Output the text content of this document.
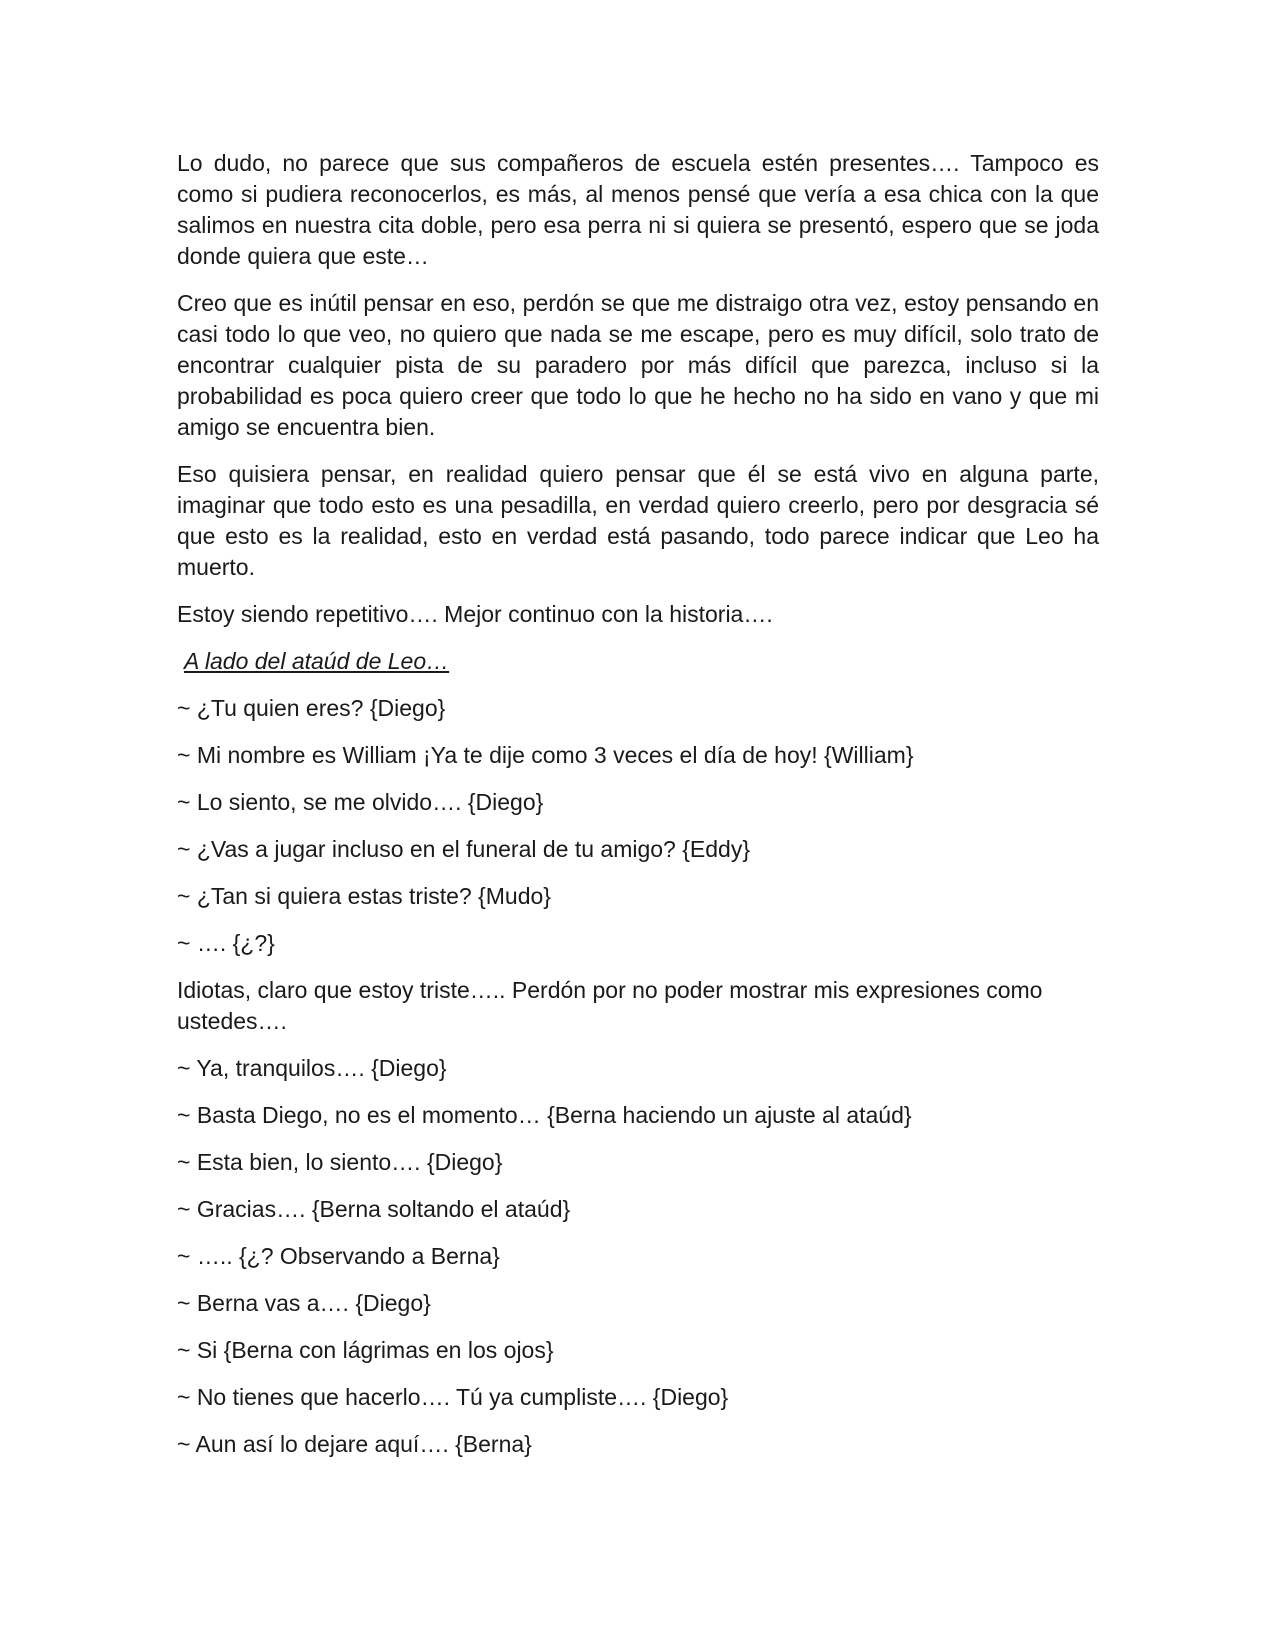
Lo dudo, no parece que sus compañeros de escuela estén presentes…. Tampoco es como si pudiera reconocerlos, es más, al menos pensé que vería a esa chica con la que salimos en nuestra cita doble, pero esa perra ni si quiera se presentó, espero que se joda donde quiera que este…

Creo que es inútil pensar en eso, perdón se que me distraigo otra vez, estoy pensando en casi todo lo que veo, no quiero que nada se me escape, pero es muy difícil, solo trato de encontrar cualquier pista de su paradero por más difícil que parezca, incluso si la probabilidad es poca quiero creer que todo lo que he hecho no ha sido en vano y que mi amigo se encuentra bien.

Eso quisiera pensar, en realidad quiero pensar que él se está vivo en alguna parte, imaginar que todo esto es una pesadilla, en verdad quiero creerlo, pero por desgracia sé que esto es la realidad, esto en verdad está pasando, todo parece indicar que Leo ha muerto.

Estoy siendo repetitivo…. Mejor continuo con la historia….

A lado del ataúd de Leo…

~ ¿Tu quien eres? {Diego}

~ Mi nombre es William ¡Ya te dije como 3 veces el día de hoy! {William}

~ Lo siento, se me olvido…. {Diego}

~ ¿Vas a jugar incluso en el funeral de tu amigo? {Eddy}

~ ¿Tan si quiera estas triste? {Mudo}

~ …. {¿?}

Idiotas, claro que estoy triste….. Perdón por no poder mostrar mis expresiones como ustedes….

~ Ya, tranquilos…. {Diego}

~ Basta Diego, no es el momento… {Berna haciendo un ajuste al ataúd}

~ Esta bien, lo siento…. {Diego}

~ Gracias…. {Berna soltando el ataúd}

~ ….. {¿? Observando a Berna}

~ Berna vas a…. {Diego}

~ Si {Berna con lágrimas en los ojos}

~ No tienes que hacerlo…. Tú ya cumpliste…. {Diego}

~ Aun así lo dejare aquí…. {Berna}
